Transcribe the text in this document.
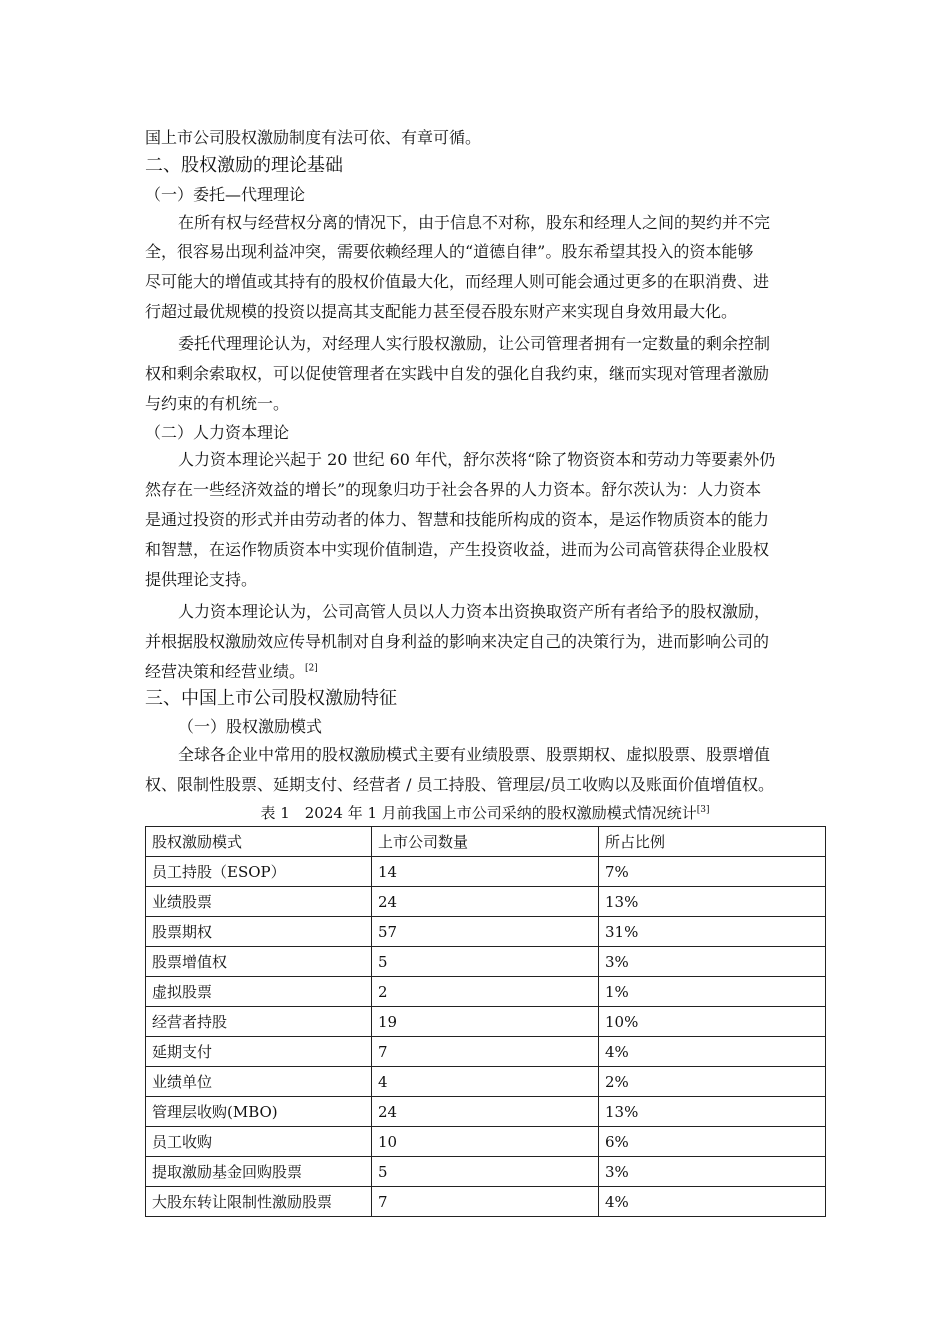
国上市公司股权激励制度有法可依、有章可循。
二、股权激励的理论基础
（一）委托—代理理论
在所有权与经营权分离的情况下，由于信息不对称，股东和经理人之间的契约并不完
全，很容易出现利益冲突，需要依赖经理人的“道德自律”。股东希望其投入的资本能够
尽可能大的增值或其持有的股权价值最大化，而经理人则可能会通过更多的在职消费、进
行超过最优规模的投资以提高其支配能力甚至侵吞股东财产来实现自身效用最大化。
委托代理理论认为，对经理人实行股权激励，让公司管理者拥有一定数量的剩余控制
权和剩余索取权，可以促使管理者在实践中自发的强化自我约束，继而实现对管理者激励
与约束的有机统一。
（二）人力资本理论
人力资本理论兴起于 20 世纪 60 年代，舒尔茨将“除了物资资本和劳动力等要素外仍
然存在一些经济效益的增长”的现象归功于社会各界的人力资本。舒尔茨认为：人力资本
是通过投资的形式并由劳动者的体力、智慧和技能所构成的资本，是运作物质资本的能力
和智慧，在运作物质资本中实现价值制造，产生投资收益，进而为公司高管获得企业股权
提供理论支持。
人力资本理论认为，公司高管人员以人力资本出资换取资产所有者给予的股权激励，
并根据股权激励效应传导机制对自身利益的影响来决定自己的决策行为，进而影响公司的
经营决策和经营业绩。[2]
三、中国上市公司股权激励特征
（一）股权激励模式
全球各企业中常用的股权激励模式主要有业绩股票、股票期权、虚拟股票、股票增值
权、限制性股票、延期支付、经营者 / 员工持股、管理层/员工收购以及账面价值增值权。
表 1　2024 年 1 月前我国上市公司采纳的股权激励模式情况统计[3]
股权激励模式	上市公司数量	所占比例
员工持股（ESOP）	14	7%
业绩股票	24	13%
股票期权	57	31%
股票增值权	5	3%
虚拟股票	2	1%
经营者持股	19	10%
延期支付	7	4%
业绩单位	4	2%
管理层收购(MBO)	24	13%
员工收购	10	6%
提取激励基金回购股票	5	3%
大股东转让限制性激励股票	7	4%
